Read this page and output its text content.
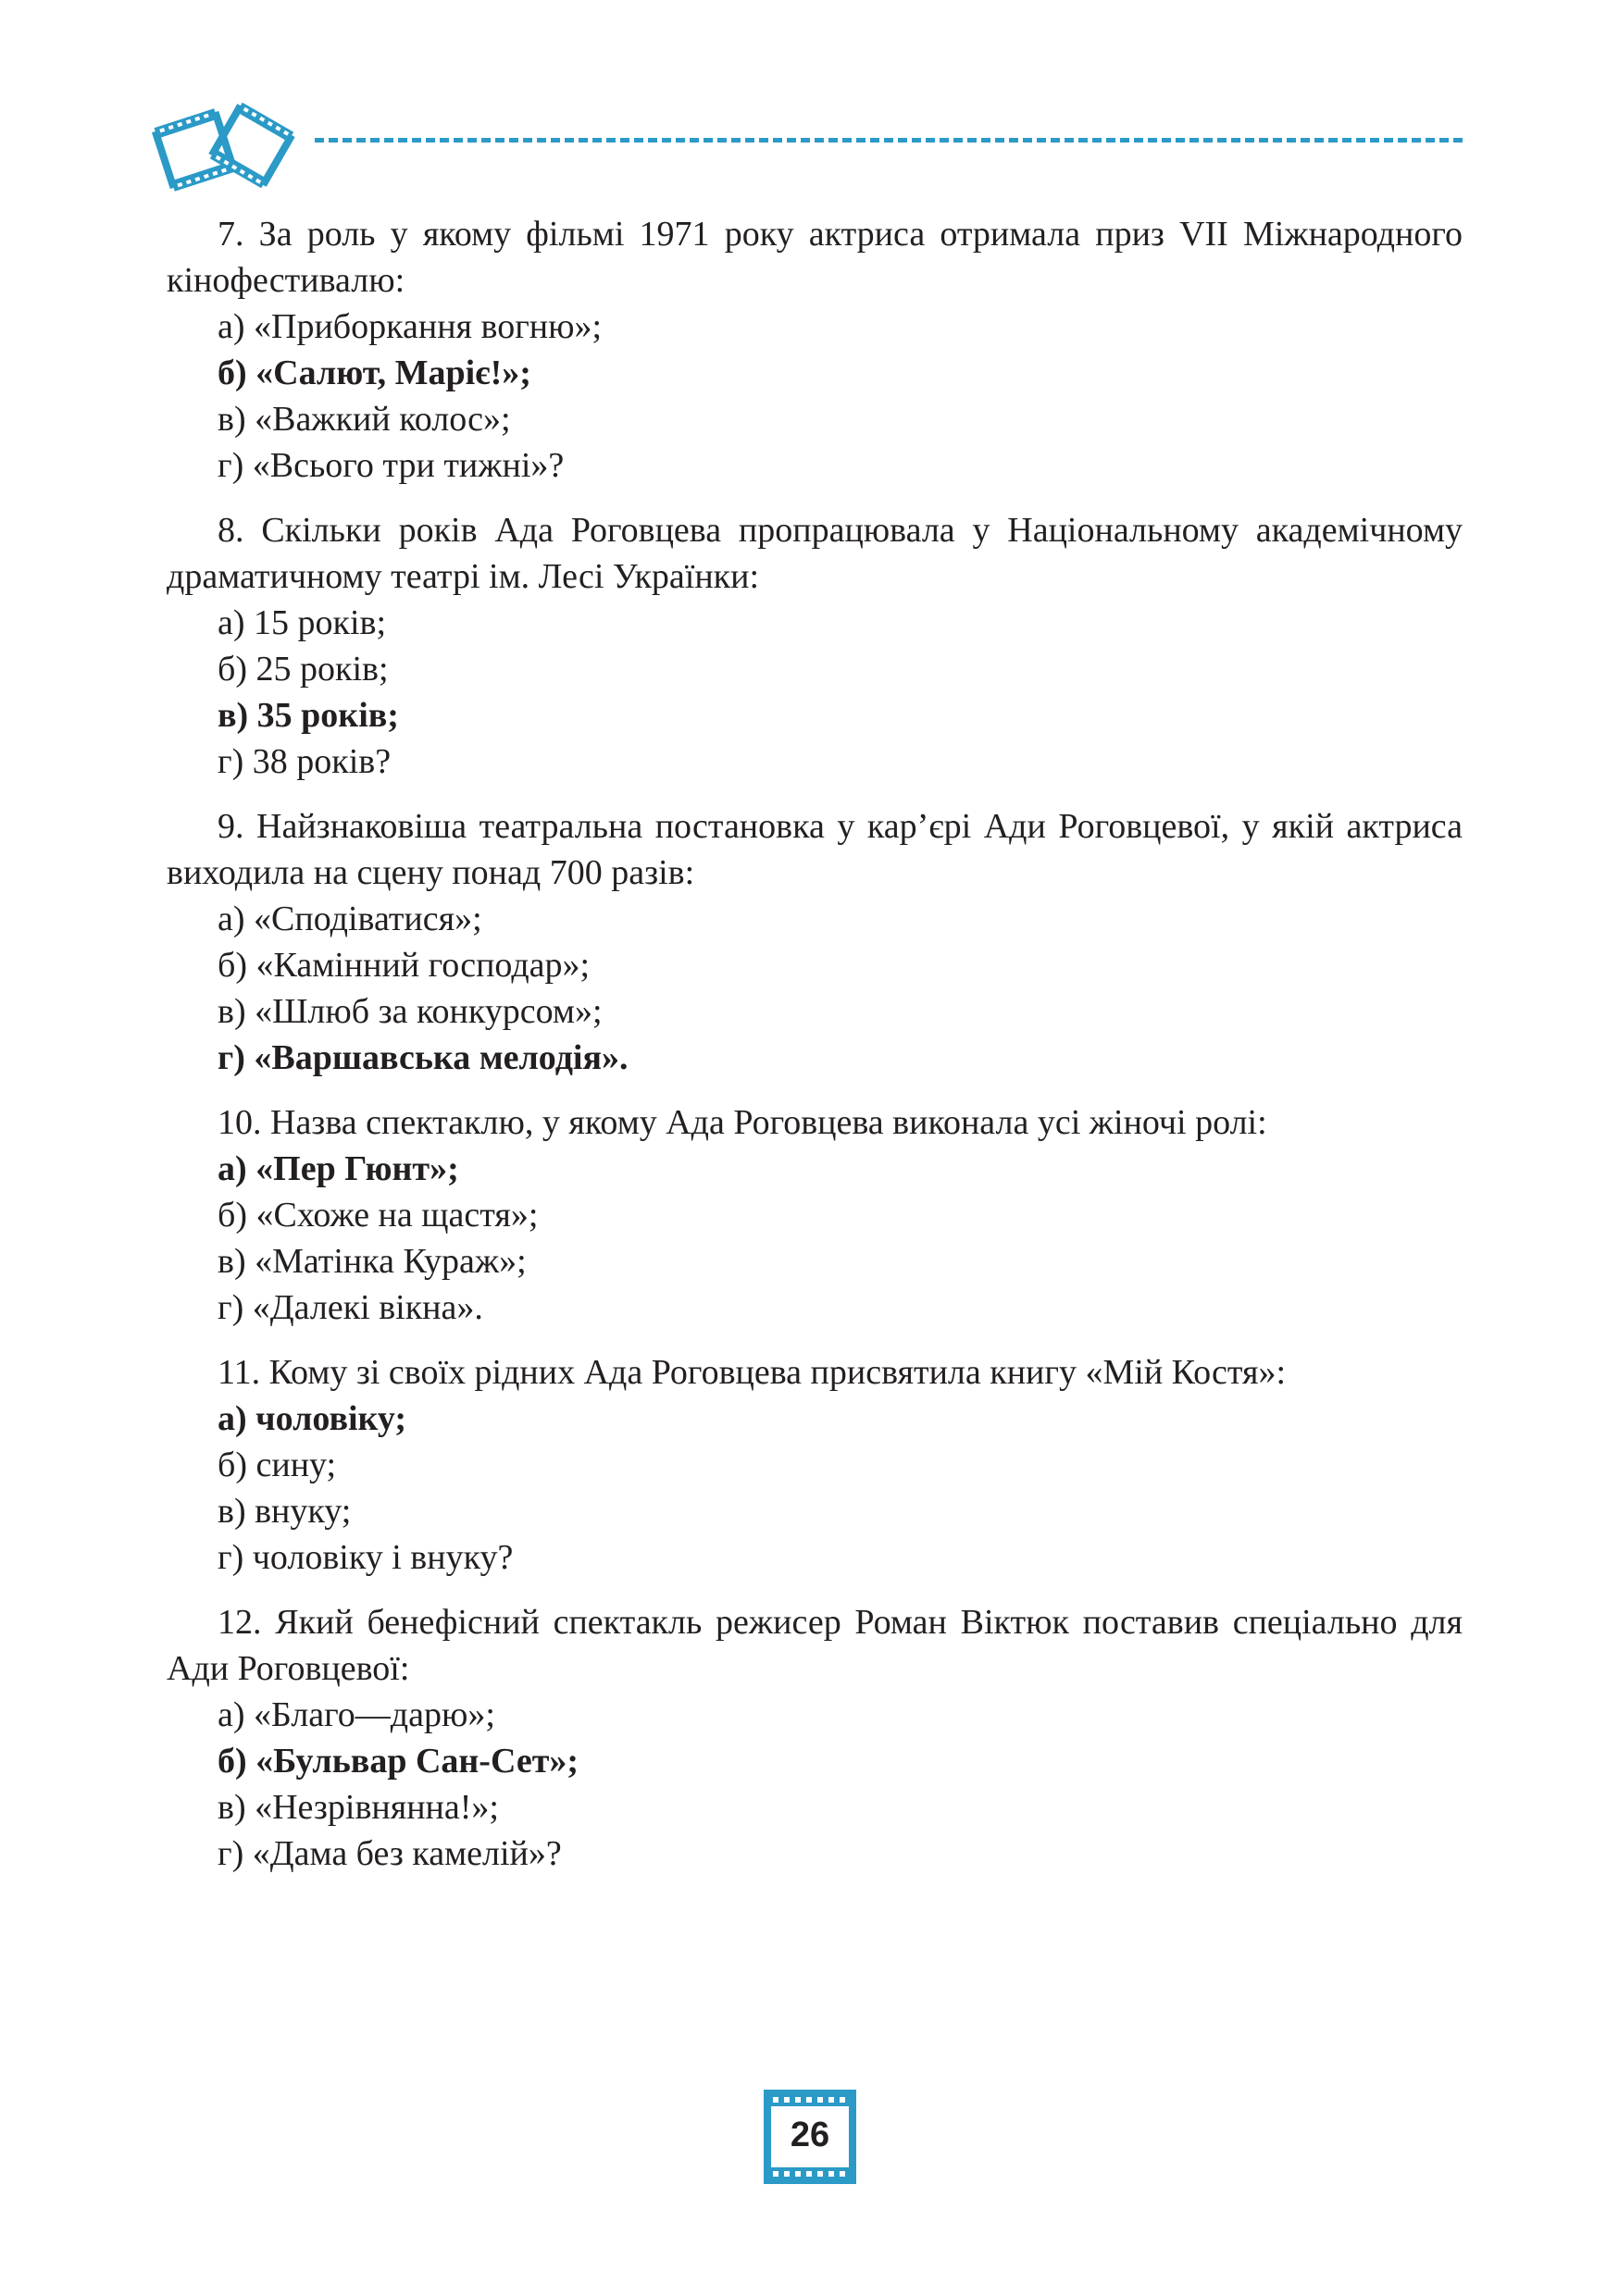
7. За роль у якому фільмі 1971 року актриса отримала приз VII Міжнародного кінофестивалю:

а) «Приборкання вогню»;

б) «Салют, Маріє!»;

в) «Важкий колос»;

г) «Всього три тижні»?

8. Скільки років Ада Роговцева пропрацювала у Національному академічному драматичному театрі ім. Лесі Українки:

а) 15 років;

б) 25 років;

в) 35 років;

г) 38 років?

9. Найзнаковіша театральна постановка у кар’єрі Ади Роговцевої, у якій актриса виходила на сцену понад 700 разів:

а) «Сподіватися»;

б) «Камінний господар»;

в) «Шлюб за конкурсом»;

г) «Варшавська мелодія».

10. Назва спектаклю, у якому Ада Роговцева виконала усі жіночі ролі:

а) «Пер Гюнт»;

б) «Схоже на щастя»;

в) «Матінка Кураж»;

г) «Далекі вікна».

11. Кому зі своїх рідних Ада Роговцева присвятила книгу «Мій Костя»:

а) чоловіку;

б) сину;

в) внуку;

г) чоловіку і внуку?

12. Який бенефісний спектакль режисер Роман Віктюк поставив спеціально для Ади Роговцевої:

а) «Благо—дарю»;

б) «Бульвар Сан-Сет»;

в) «Незрівнянна!»;

г) «Дама без камелій»?

26
